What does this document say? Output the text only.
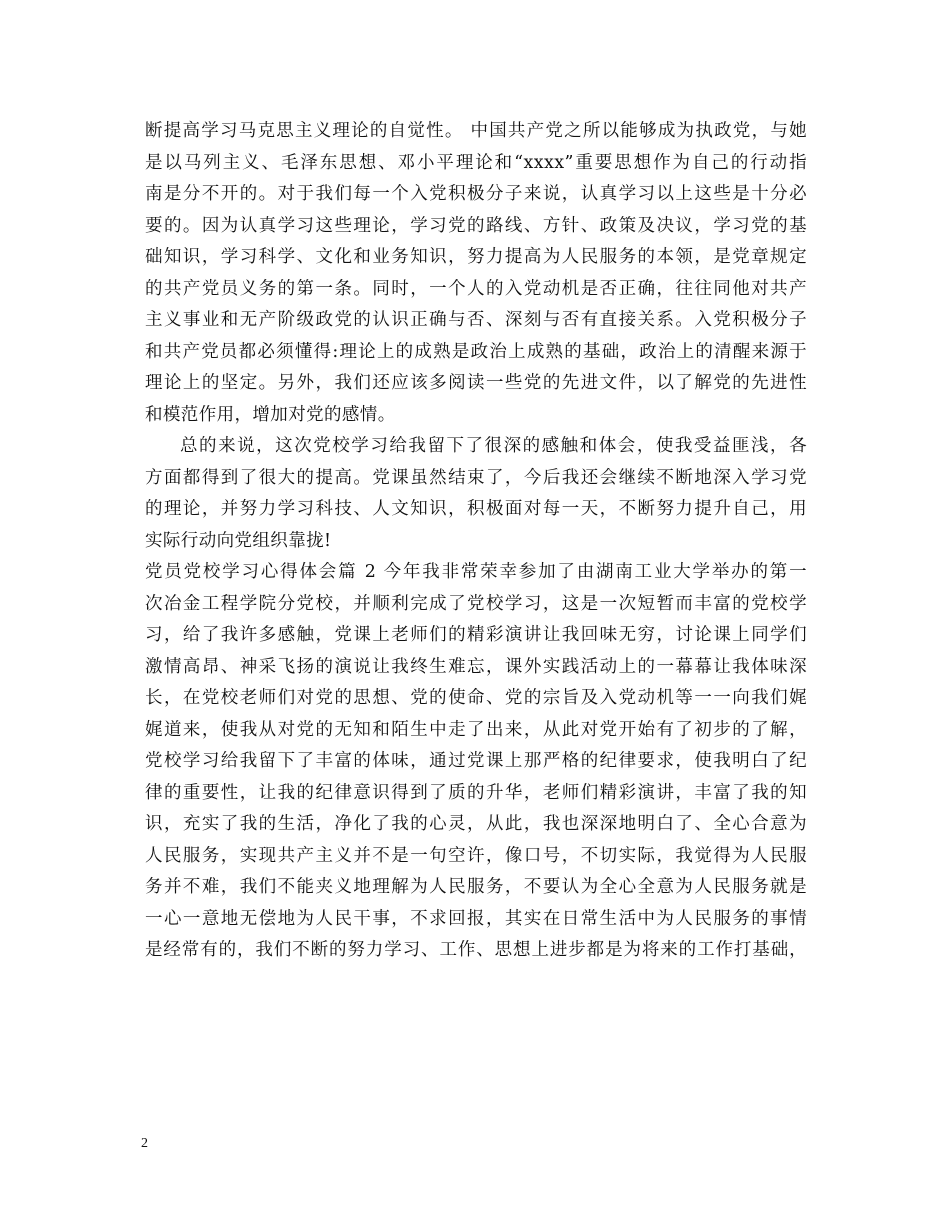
断提高学习马克思主义理论的自觉性。 中国共产党之所以能够成为执政党，与她
是以马列主义、毛泽东思想、邓小平理论和“xxxx”重要思想作为自己的行动指
南是分不开的。对于我们每一个入党积极分子来说，认真学习以上这些是十分必
要的。因为认真学习这些理论，学习党的路线、方针、政策及决议，学习党的基
础知识，学习科学、文化和业务知识，努力提高为人民服务的本领，是党章规定
的共产党员义务的第一条。同时，一个人的入党动机是否正确，往往同他对共产
主义事业和无产阶级政党的认识正确与否、深刻与否有直接关系。入党积极分子
和共产党员都必须懂得:理论上的成熟是政治上成熟的基础，政治上的清醒来源于
理论上的坚定。另外，我们还应该多阅读一些党的先进文件，以了解党的先进性
和模范作用，增加对党的感情。
总的来说，这次党校学习给我留下了很深的感触和体会，使我受益匪浅，各
方面都得到了很大的提高。党课虽然结束了，今后我还会继续不断地深入学习党
的理论，并努力学习科技、人文知识，积极面对每一天，不断努力提升自己，用
实际行动向党组织靠拢!
党员党校学习心得体会篇 2 今年我非常荣幸参加了由湖南工业大学举办的第一
次冶金工程学院分党校，并顺利完成了党校学习，这是一次短暂而丰富的党校学
习，给了我许多感触，党课上老师们的精彩演讲让我回味无穷，讨论课上同学们
激情高昂、神采飞扬的演说让我终生难忘，课外实践活动上的一幕幕让我体味深
长，在党校老师们对党的思想、党的使命、党的宗旨及入党动机等一一向我们娓
娓道来，使我从对党的无知和陌生中走了出来，从此对党开始有了初步的了解，
党校学习给我留下了丰富的体味，通过党课上那严格的纪律要求，使我明白了纪
律的重要性，让我的纪律意识得到了质的升华，老师们精彩演讲，丰富了我的知
识，充实了我的生活，净化了我的心灵，从此，我也深深地明白了、全心合意为
人民服务，实现共产主义并不是一句空许，像口号，不切实际，我觉得为人民服
务并不难，我们不能夹义地理解为人民服务，不要认为全心全意为人民服务就是
一心一意地无偿地为人民干事，不求回报，其实在日常生活中为人民服务的事情
是经常有的，我们不断的努力学习、工作、思想上进步都是为将来的工作打基础，
2
